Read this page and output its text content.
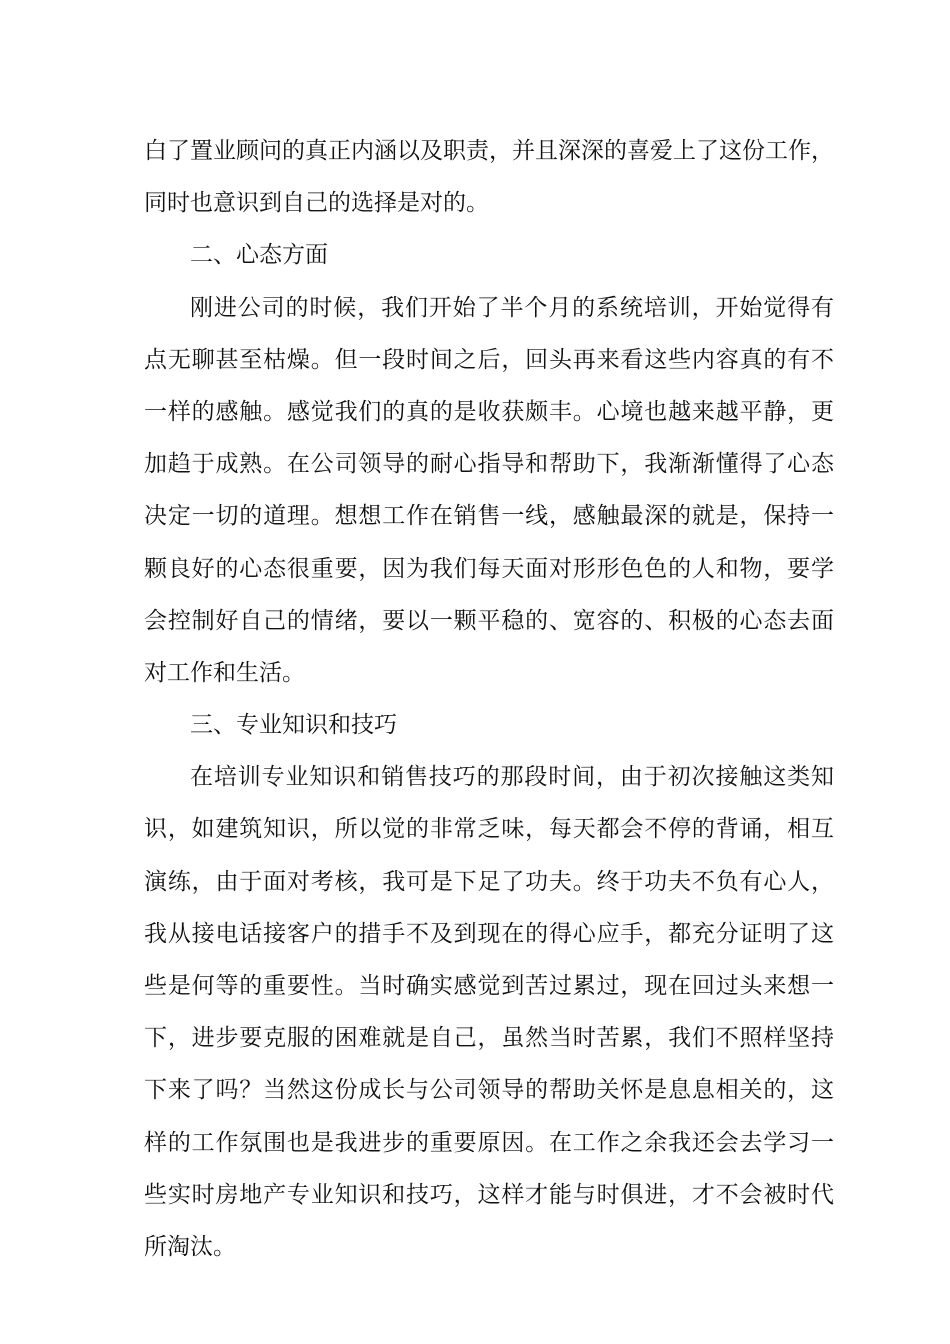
白了置业顾问的真正内涵以及职责，并且深深的喜爱上了这份工作，
同时也意识到自己的选择是对的。
二、心态方面
刚进公司的时候，我们开始了半个月的系统培训，开始觉得有
点无聊甚至枯燥。但一段时间之后，回头再来看这些内容真的有不
一样的感触。感觉我们的真的是收获颇丰。心境也越来越平静，更
加趋于成熟。在公司领导的耐心指导和帮助下，我渐渐懂得了心态
决定一切的道理。想想工作在销售一线，感触最深的就是，保持一
颗良好的心态很重要，因为我们每天面对形形色色的人和物，要学
会控制好自己的情绪，要以一颗平稳的、宽容的、积极的心态去面
对工作和生活。
三、专业知识和技巧
在培训专业知识和销售技巧的那段时间，由于初次接触这类知
识，如建筑知识，所以觉的非常乏味，每天都会不停的背诵，相互
演练，由于面对考核，我可是下足了功夫。终于功夫不负有心人，
我从接电话接客户的措手不及到现在的得心应手，都充分证明了这
些是何等的重要性。当时确实感觉到苦过累过，现在回过头来想一
下，进步要克服的困难就是自己，虽然当时苦累，我们不照样坚持
下来了吗？当然这份成长与公司领导的帮助关怀是息息相关的，这
样的工作氛围也是我进步的重要原因。在工作之余我还会去学习一
些实时房地产专业知识和技巧，这样才能与时俱进，才不会被时代
所淘汰。
